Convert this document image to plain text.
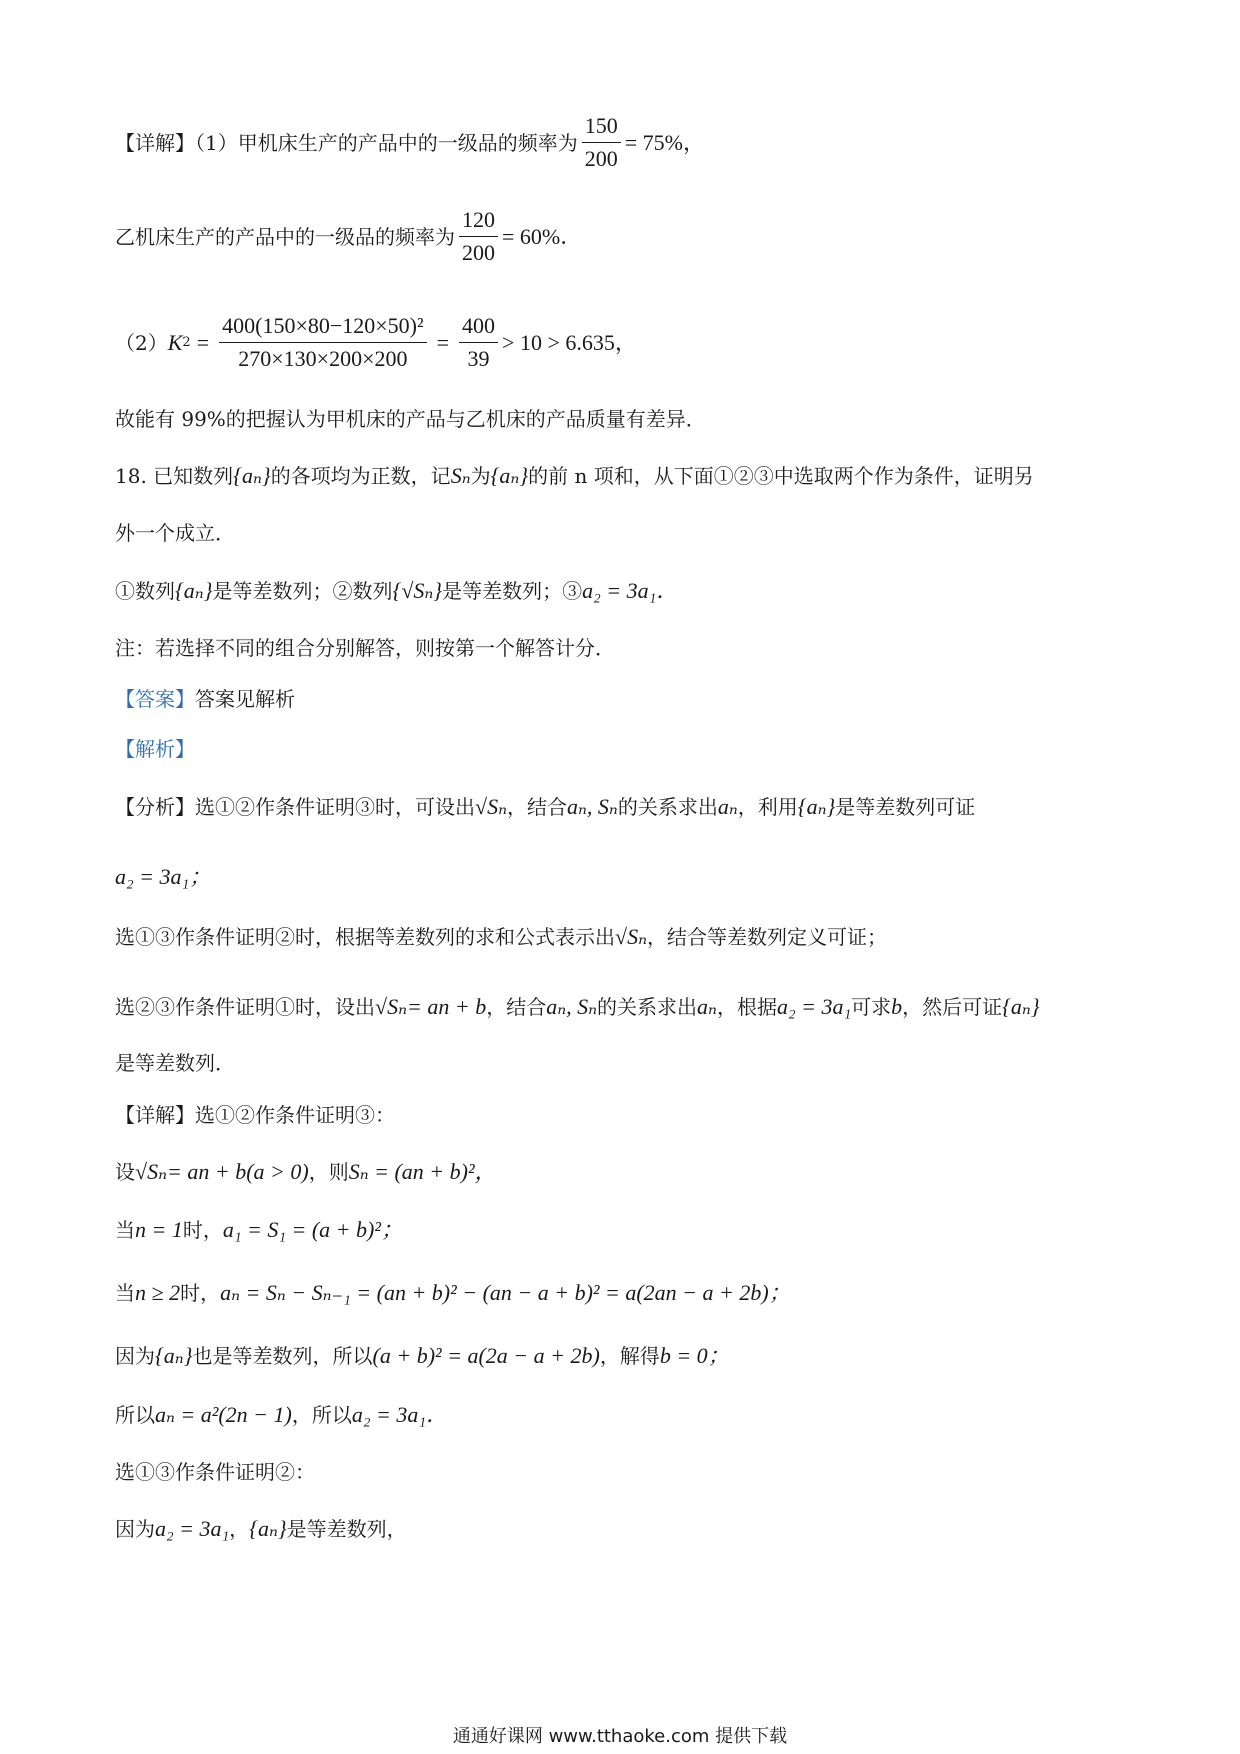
【详解】（1）甲机床生产的产品中的一级品的频率为 $\frac{150}{200} = 75\%$，
乙机床生产的产品中的一级品的频率为 $\frac{120}{200} = 60\%$．
（2） K $2 = \frac{\text{400(150×80−120×50)²}}{270\times 130\times 200\times 200} = \frac{400}{39} > 10 > 6.635$，
故能有 99%的把握认为甲机床的产品与乙机床的产品质量有差异．
18. 已知数列 {aₙ} 的各项均为正数，记 Sₙ 为 {aₙ} 的前 n 项和，从下面①②③中选取两个作为条件，证明另
外一个成立．
①数列 {aₙ} 是等差数列；②数列 {√Sₙ} 是等差数列；③ a₂ = 3a₁．
注：若选择不同的组合分别解答，则按第一个解答计分．
【答案】 答案见解析
【解析】
【分析】选①②作条件证明③时，可设出 √Sₙ ，结合 aₙ, Sₙ 的关系求出 aₙ ，利用 {aₙ} 是等差数列可证
a₂ = 3a₁；
选①③作条件证明②时，根据等差数列的求和公式表示出 √Sₙ ，结合等差数列定义可证；
选②③作条件证明①时，设出 √Sₙ = an + b ，结合 aₙ, Sₙ 的关系求出 aₙ ，根据 a₂ = 3a₁ 可求 b ，然后可证 {aₙ}
是等差数列．
【详解】选①②作条件证明③：
设 √Sₙ = an + b(a > 0) ，则 Sₙ = (an + b)²，
当 n = 1 时， a₁ = S₁ = (a + b)²；
当 n ≥ 2 时， aₙ = Sₙ − Sₙ₋₁ = (an + b)² − (an − a + b)² = a(2an − a + 2b)；
因为 {aₙ} 也是等差数列，所以 (a + b)² = a(2a − a + 2b) ，解得 b = 0；
所以 aₙ = a²(2n − 1) ，所以 a₂ = 3a₁．
选①③作条件证明②：
因为 a₂ = 3a₁ ， {aₙ} 是等差数列，
通通好课网 www.tthaoke.com 提供下载
